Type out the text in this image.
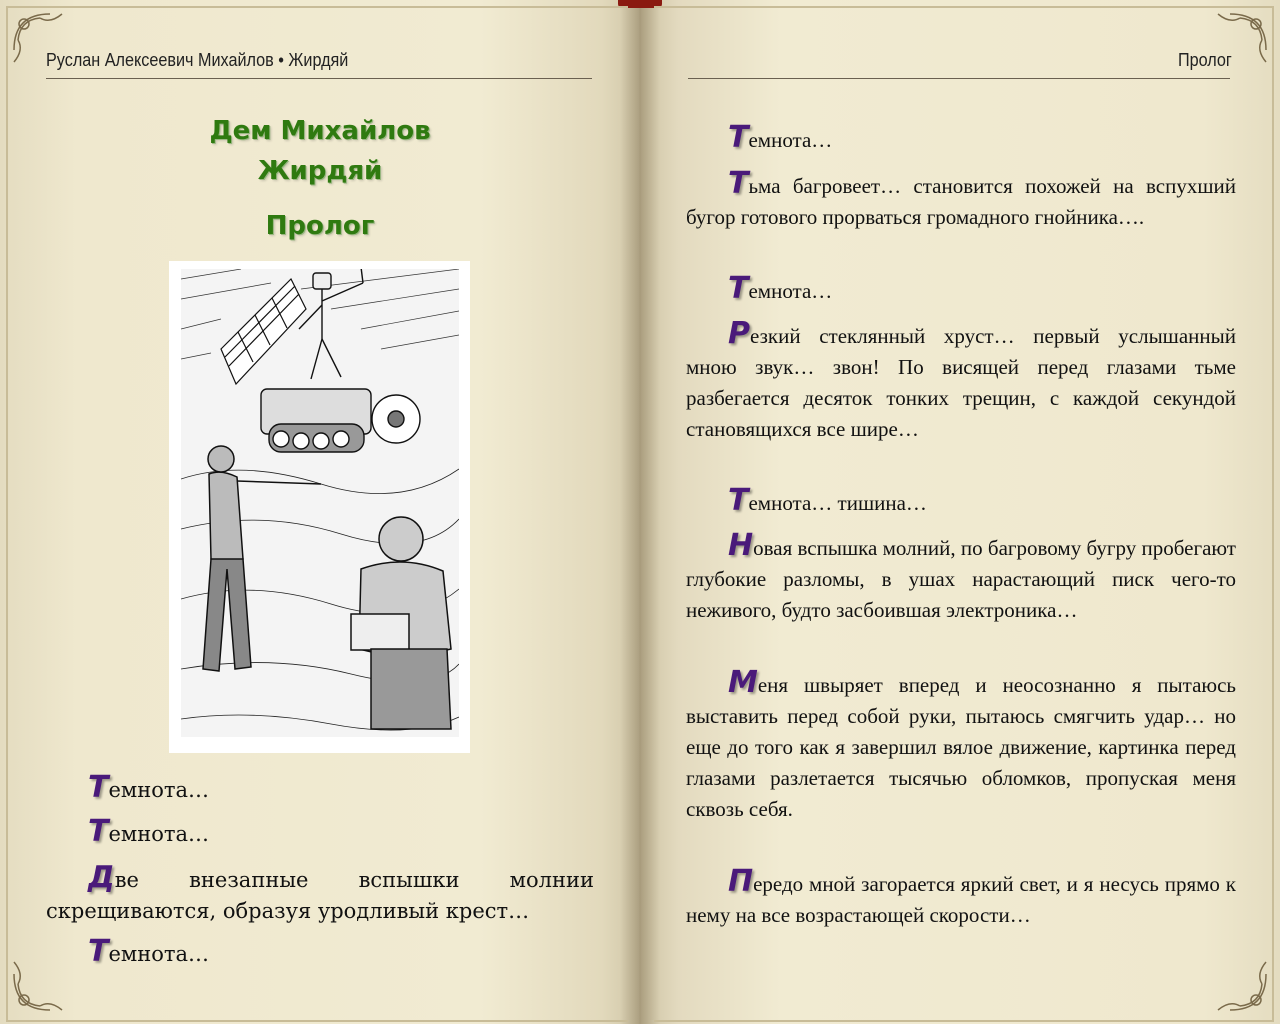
Руслан Алексеевич Михайлов • Жирдяй
Дем Михайлов
Жирдяй
Пролог

Темнота…

Темнота…

Две внезапные вспышки молнии скрещиваются, образуя уродливый крест…

Темнота…

Пролог

Темнота…

Тьма багровеет… становится похожей на вспухший бугор готового прорваться громадного гнойника….

Темнота…

Резкий стеклянный хруст… первый услышанный мною звук… звон! По висящей перед глазами тьме разбегается десяток тонких трещин, с каждой секундой становящихся все шире…

Темнота… тишина…

Новая вспышка молний, по багровому бугру пробегают глубокие разломы, в ушах нарастающий писк чего-то неживого, будто засбоившая электроника…

Меня швыряет вперед и неосознанно я пытаюсь выставить перед собой руки, пытаюсь смягчить удар… но еще до того как я завершил вялое движение, картинка перед глазами разлетается тысячью обломков, пропуская меня сквозь себя.

Передо мной загорается яркий свет, и я несусь прямо к нему на все возрастающей скорости…
